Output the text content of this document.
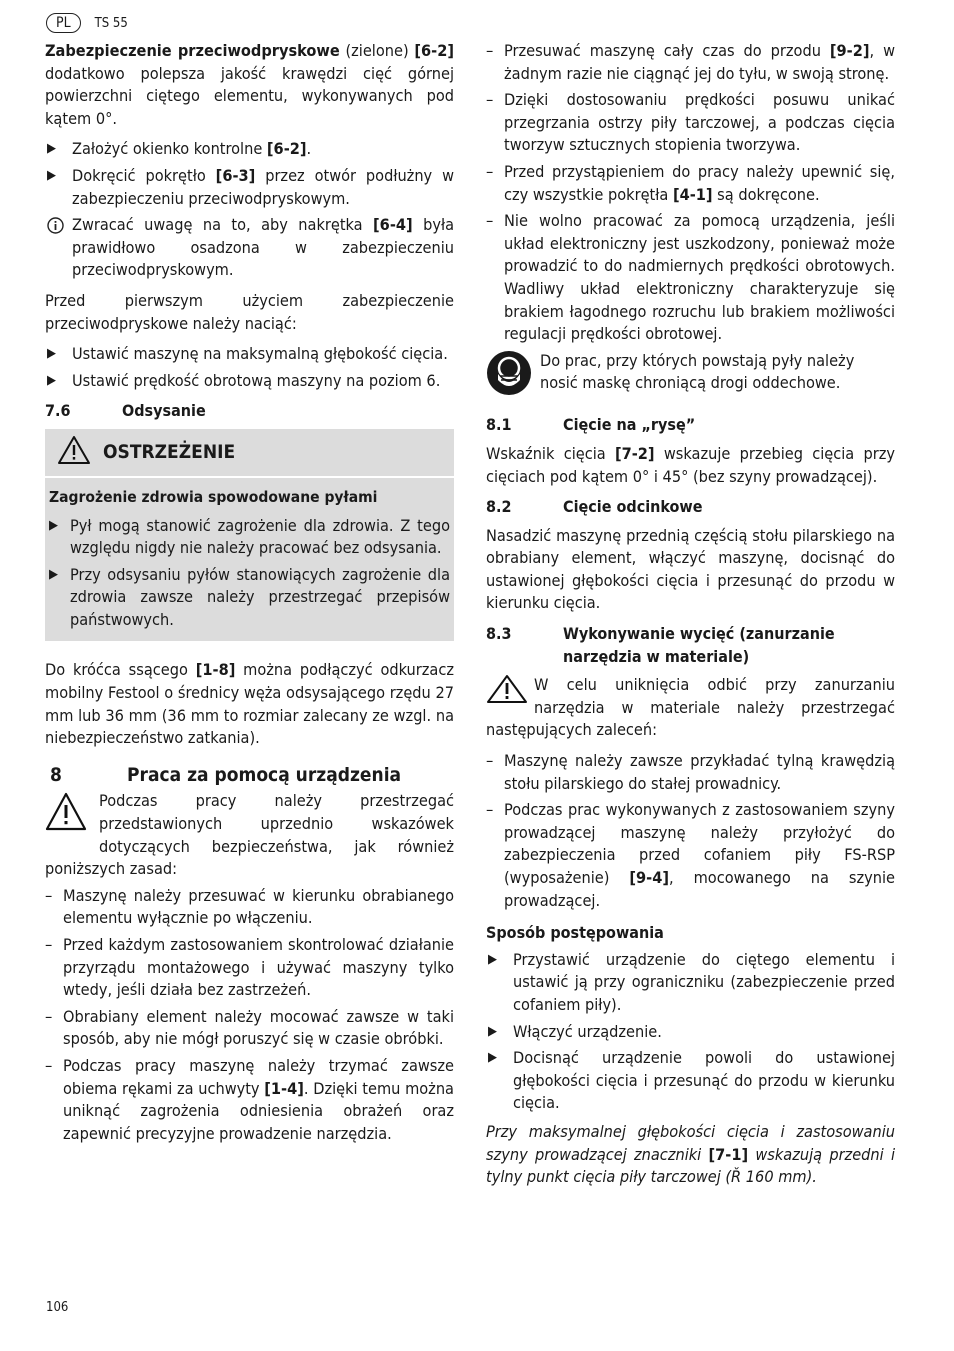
PL	TS 55

Zabezpieczenie przeciwodpryskowe (zielone) [6-2] dodatkowo polepsza jakość krawędzi cięć górnej powierzchni ciętego elementu, wykonywanych pod kątem 0°.

▶ Założyć okienko kontrolne [6-2].
▶ Dokręcić pokrętło [6-3] przez otwór podłużny w zabezpieczeniu przeciwodpryskowym.
Zwracać uwagę na to, aby nakrętka [6-4] była prawidłowo osadzona w zabezpieczeniu przeciwodpryskowym.

Przed pierwszym użyciem zabezpieczenie przeciwodpryskowe należy naciąć:

▶ Ustawić maszynę na maksymalną głębokość cięcia.
▶ Ustawić prędkość obrotową maszyny na poziom 6.
7.6	Odsysanie
OSTRZEŻENIE
Zagrożenie zdrowia spowodowane pyłami
▶ Pył mogą stanowić zagrożenie dla zdrowia. Z tego względu nigdy nie należy pracować bez odsysania.
▶ Przy odsysaniu pyłów stanowiących zagrożenie dla zdrowia zawsze należy przestrzegać przepisów państwowych.

Do króćca ssącego [1-8] można podłączyć odkurzacz mobilny Festool o średnicy węża odsysającego rzędu 27 mm lub 36 mm (36 mm to rozmiar zalecany ze wzgl. na niebezpieczeństwo zatkania).

8	Praca za pomocą urządzenia

Podczas pracy należy przestrzegać przedstawionych uprzednio wskazówek dotyczących bezpieczeństwa, jak również poniższych zasad:

– Maszynę należy przesuwać w kierunku obrabianego elementu wyłącznie po włączeniu.
– Przed każdym zastosowaniem skontrolować działanie przyrządu montażowego i używać maszyny tylko wtedy, jeśli działa bez zastrzeżeń.
– Obrabiany element należy mocować zawsze w taki sposób, aby nie mógł poruszyć się w czasie obróbki.
– Podczas pracy maszynę należy trzymać zawsze obiema rękami za uchwyty [1-4]. Dzięki temu można uniknąć zagrożenia odniesienia obrażeń oraz zapewnić precyzyjne prowadzenie narzędzia.
– Przesuwać maszynę cały czas do przodu [9-2], w żadnym razie nie ciągnąć jej do tyłu, w swoją stronę.
– Dzięki dostosowaniu prędkości posuwu unikać przegrzania ostrzy piły tarczowej, a podczas cięcia tworzyw sztucznych stopienia tworzywa.
– Przed przystąpieniem do pracy należy upewnić się, czy wszystkie pokrętła [4-1] są dokręcone.
– Nie wolno pracować za pomocą urządzenia, jeśli układ elektroniczny jest uszkodzony, ponieważ może prowadzić to do nadmiernych prędkości obrotowych. Wadliwy układ elektroniczny charakteryzuje się brakiem łagodnego rozruchu lub brakiem możliwości regulacji prędkości obrotowej.
Do prac, przy których powstają pyły należy nosić maskę chroniącą drogi oddechowe.
8.1	Cięcie na „rysę”

Wskaźnik cięcia [7-2] wskazuje przebieg cięcia przy cięciach pod kątem 0° i 45° (bez szyny prowadzącej).

8.2	Cięcie odcinkowe

Nasadzić maszynę przednią częścią stołu pilarskiego na obrabiany element, włączyć maszynę, docisnąć do ustawionej głębokości cięcia i przesunąć do przodu w kierunku cięcia.

8.3	Wykonywanie wycięć (zanurzanie narzędzia w materiale)

W celu uniknięcia odbić przy zanurzaniu narzędzia w materiale należy przestrzegać następujących zaleceń:

– Maszynę należy zawsze przykładać tylną krawędzią stołu pilarskiego do stałej prowadnicy.
– Podczas prac wykonywanych z zastosowaniem szyny prowadzącej maszynę należy przyłożyć do zabezpieczenia przed cofaniem piły FS-RSP (wyposażenie) [9-4], mocowanego na szynie prowadzącej.
Sposób postępowania
▶ Przystawić urządzenie do ciętego elementu i ustawić ją przy ograniczniku (zabezpieczenie przed cofaniem piły).
▶ Włączyć urządzenie.
▶ Docisnąć urządzenie powoli do ustawionej głębokości cięcia i przesunąć do przodu w kierunku cięcia.

Przy maksymalnej głębokości cięcia i zastosowaniu szyny prowadzącej znaczniki [7-1] wskazują przedni i tylny punkt cięcia piły tarczowej (Ř 160 mm).

106
